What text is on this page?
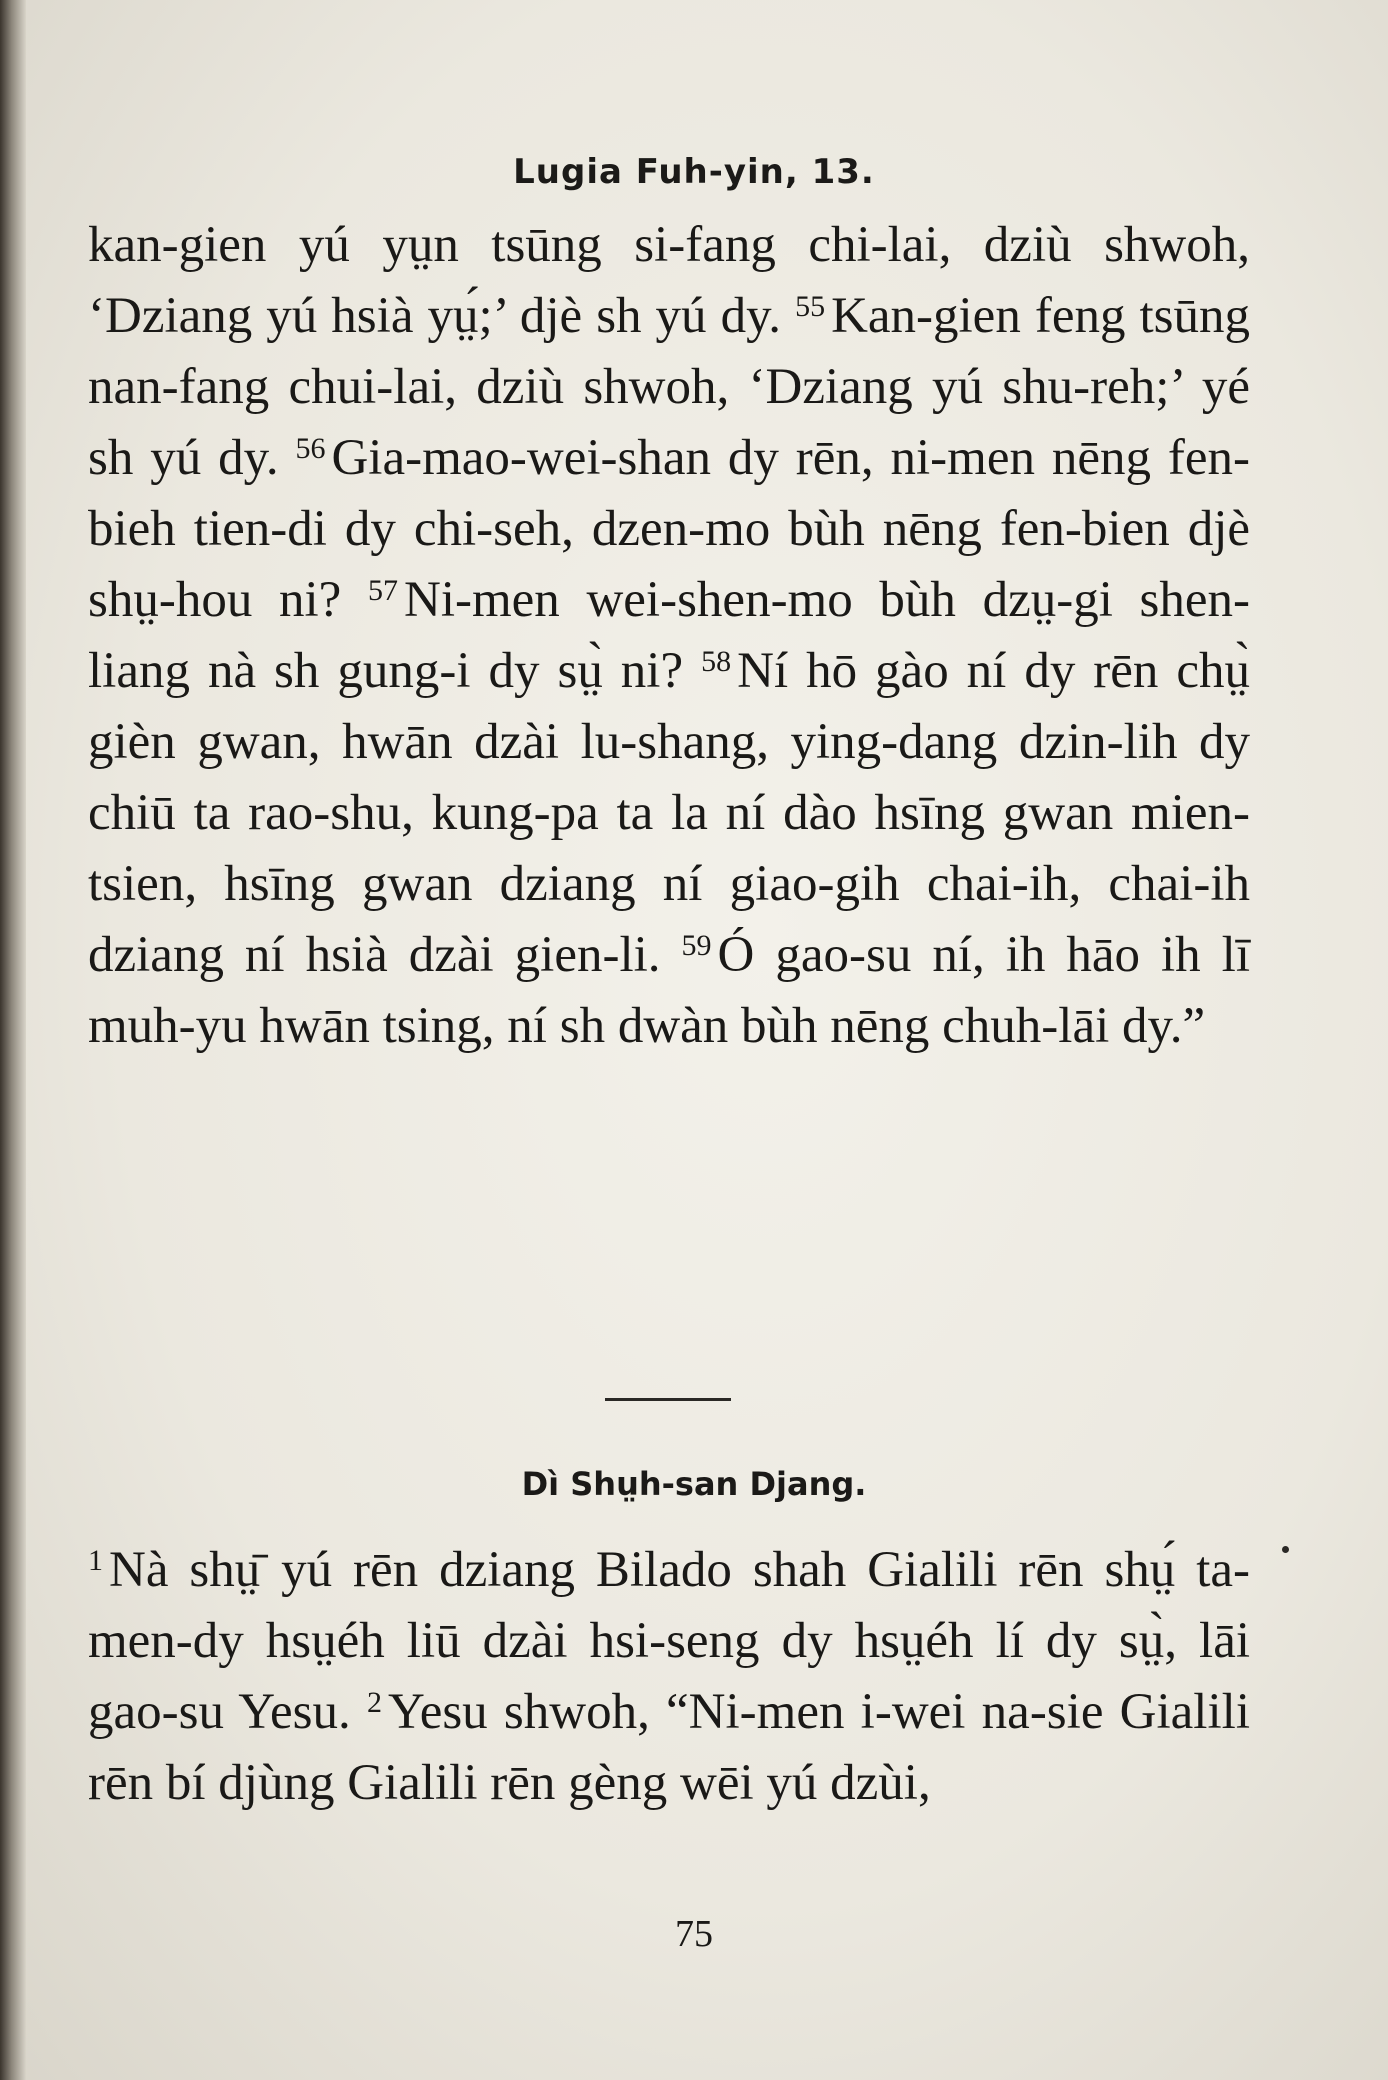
Lugia Fuh-yin, 13.
kan-gien yú yṳn tsūng si-fang chi-lai, dziù shwoh, ‘Dziang yú hsià yṳ́;’ djè sh yú dy. $^{55}$ Kan-gien feng tsūng nan-fang chui-lai, dziù shwoh, ‘Dziang yú shu-reh;’ yé sh yú dy. $^{56}$ Gia-mao-wei-shan dy rēn, ni-men nēng fen-bieh tien-di dy chi-seh, dzen-mo bùh nēng fen-bien djè shṳ-hou ni? $^{57}$ Ni-men wei-shen-mo bùh dzṳ-gi shen-liang nà sh gung-i dy sṳ̀ ni? $^{58}$ Ní hō gào ní dy rēn chṳ̀ gièn gwan, hwān dzài lu-shang, ying-dang dzin-lih dy chiū ta rao-shu, kung-pa ta la ní dào hsīng gwan mien-tsien, hsīng gwan dziang ní giao-gih chai-ih, chai-ih dziang ní hsià dzài gien-li. $^{59}$ Ó gao-su ní, ih hāo ih lī muh-yu hwān tsing, ní sh dwàn bùh nēng chuh-lāi dy.”
Dì Shṳh-san Djang.
$^1$ Nà shṳ̄ yú rēn dziang Bilado shah Gialili rēn shṳ́ ta-men-dy hsṳéh liū dzài hsi-seng dy hsṳéh lí dy sṳ̀, lāi gao-su Yesu. $^2$ Yesu shwoh, “Ni-men i-wei na-sie Gialili rēn bí djùng Gialili rēn gèng wēi yú dzùi,
75
